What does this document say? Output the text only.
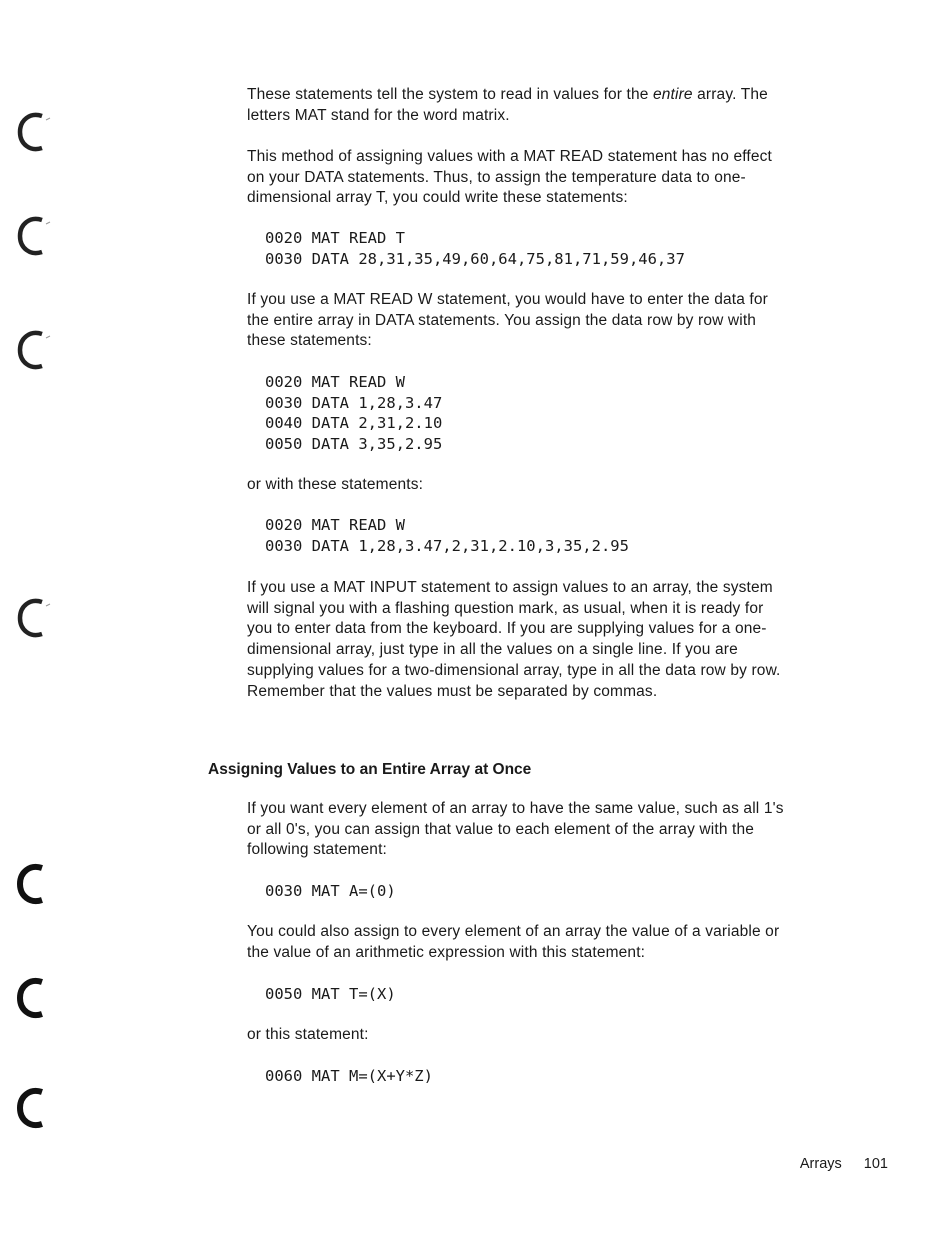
These statements tell the system to read in values for the entire array. The letters MAT stand for the word matrix.

This method of assigning values with a MAT READ statement has no effect on your DATA statements. Thus, to assign the temperature data to one-dimensional array T, you could write these statements:

0020 MAT READ T
0030 DATA 28,31,35,49,60,64,75,81,71,59,46,37

If you use a MAT READ W statement, you would have to enter the data for the entire array in DATA statements. You assign the data row by row with these statements:

0020 MAT READ W
0030 DATA 1,28,3.47
0040 DATA 2,31,2.10
0050 DATA 3,35,2.95

or with these statements:

0020 MAT READ W
0030 DATA 1,28,3.47,2,31,2.10,3,35,2.95

If you use a MAT INPUT statement to assign values to an array, the system will signal you with a flashing question mark, as usual, when it is ready for you to enter data from the keyboard. If you are supplying values for a one-dimensional array, just type in all the values on a single line. If you are supplying values for a two-dimensional array, type in all the data row by row. Remember that the values must be separated by commas.

Assigning Values to an Entire Array at Once

If you want every element of an array to have the same value, such as all 1's or all 0's, you can assign that value to each element of the array with the following statement:

0030 MAT A=(0)

You could also assign to every element of an array the value of a variable or the value of an arithmetic expression with this statement:

0050 MAT T=(X)

or this statement:

0060 MAT M=(X+Y*Z)
Arrays 101
